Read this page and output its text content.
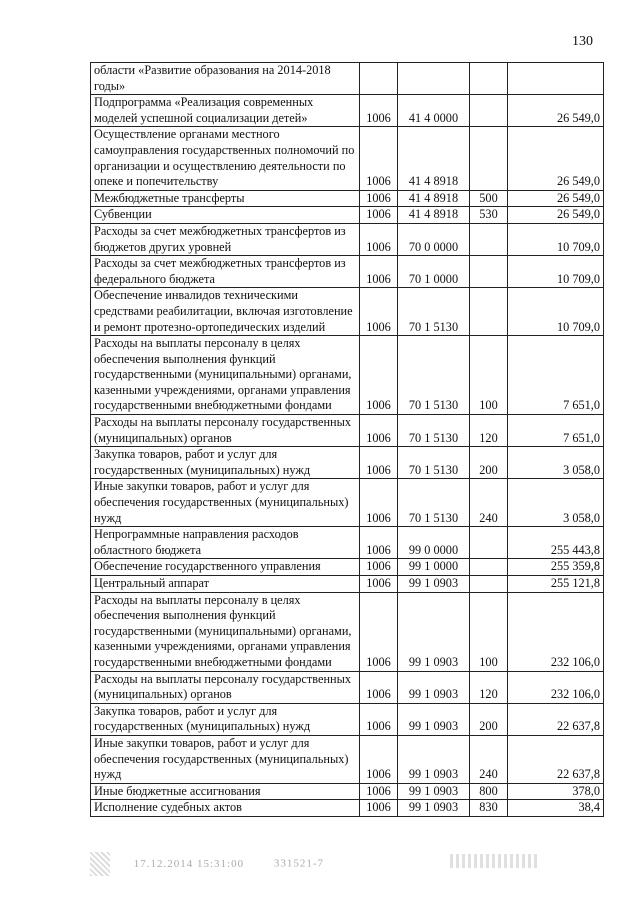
130
области «Развитие образования на 2014-2018 годы»				
Подпрограмма «Реализация современных моделей успешной социализации детей»	1006	41 4 0000		26 549,0
Осуществление органами местного самоуправления государственных полномочий по организации и осуществлению деятельности по опеке и попечительству	1006	41 4 8918		26 549,0
Межбюджетные трансферты	1006	41 4 8918	500	26 549,0
Субвенции	1006	41 4 8918	530	26 549,0
Расходы за счет межбюджетных трансфертов из бюджетов других уровней	1006	70 0 0000		10 709,0
Расходы за счет межбюджетных трансфертов из федерального бюджета	1006	70 1 0000		10 709,0
Обеспечение инвалидов техническими средствами реабилитации, включая изготовление и ремонт протезно-ортопедических изделий	1006	70 1 5130		10 709,0
Расходы на выплаты персоналу в целях обеспечения выполнения функций государственными (муниципальными) органами, казенными учреждениями, органами управления государственными внебюджетными фондами	1006	70 1 5130	100	7 651,0
Расходы на выплаты персоналу государственных (муниципальных) органов	1006	70 1 5130	120	7 651,0
Закупка товаров, работ и услуг для государственных (муниципальных) нужд	1006	70 1 5130	200	3 058,0
Иные закупки товаров, работ и услуг для обеспечения государственных (муниципальных) нужд	1006	70 1 5130	240	3 058,0
Непрограммные направления расходов областного бюджета	1006	99 0 0000		255 443,8
Обеспечение государственного управления	1006	99 1 0000		255 359,8
Центральный аппарат	1006	99 1 0903		255 121,8
Расходы на выплаты персоналу в целях обеспечения выполнения функций государственными (муниципальными) органами, казенными учреждениями, органами управления государственными внебюджетными фондами	1006	99 1 0903	100	232 106,0
Расходы на выплаты персоналу государственных (муниципальных) органов	1006	99 1 0903	120	232 106,0
Закупка товаров, работ и услуг для государственных (муниципальных) нужд	1006	99 1 0903	200	22 637,8
Иные закупки товаров, работ и услуг для обеспечения государственных (муниципальных) нужд	1006	99 1 0903	240	22 637,8
Иные бюджетные ассигнования	1006	99 1 0903	800	378,0
Исполнение судебных актов	1006	99 1 0903	830	38,4
17.12.2014 15:31:00	331521-7
